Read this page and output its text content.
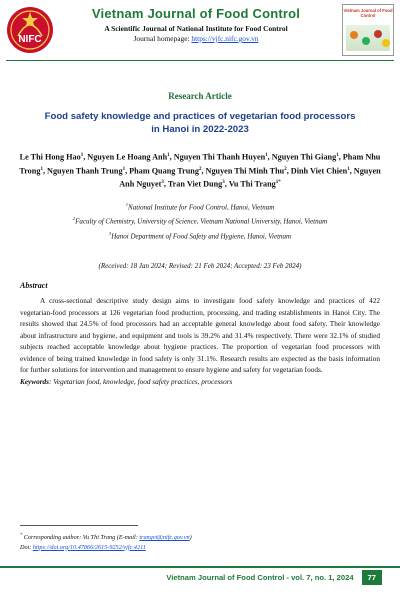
NIFC
Vietnam Journal of Food Control
A Scientific Journal of National Institute for Food Control
Journal homepage: https://vjfc.nifc.gov.vn
Vietnam Journal of Food Control
Research Article
Food safety knowledge and practices of vegetarian food processors
in Hanoi in 2022-2023
Le Thi Hong Hao$^1$, Nguyen Le Hoang Anh$^1$, Nguyen Thi Thanh Huyen$^1$, Nguyen Thi Giang$^1$, Pham Nhu Trong$^1$, Nguyen Thanh Trung$^1$, Pham Quang Trung$^2$, Nguyen Thi Minh Thu$^2$, Dinh Viet Chien$^1$, Nguyen Anh Nguyet$^3$, Tran Viet Dung$^3$, Vu Thi Trang$^{1*}$
$^1$National Institute for Food Control, Hanoi, Vietnam
$^2$Faculty of Chemistry, University of Science, Vietnam National University, Hanoi, Vietnam
$^3$Hanoi Department of Food Safety and Hygiene, Hanoi, Vietnam
(Received: 18 Jan 2024; Revised: 21 Feb 2024; Accepted: 23 Feb 2024)
Abstract
A cross-sectional descriptive study design aims to investigate food safety knowledge and practices of 422 vegetarian-food processors at 126 vegetarian food production, processing, and trading establishments in Hanoi City. The results showed that 24.5% of food processors had an acceptable general knowledge about food safety. Their knowledge about infrastructure and hygiene, and equipment and tools is 39.2% and 31.4% respectively. There were 32.1% of studied subjects reached acceptable knowledge about hygiene practices. The proportion of vegetarian food processors with evidence of being trained knowledge in food safety is only 31.1%. Research results are expected as the basis information for further solutions for intervention and management to ensure hygiene and safety for vegetarian foods.
Keywords: Vegetarian food, knowledge, food safety practices, processors
* Corresponding author: Vu Thi Trang (E-mail: trangvt@nifc.gov.vn)
Doi: https://doi.org/10.47866/2615-9252/vjfc.4211
Vietnam Journal of Food Control - vol. 7, no. 1, 2024	77
